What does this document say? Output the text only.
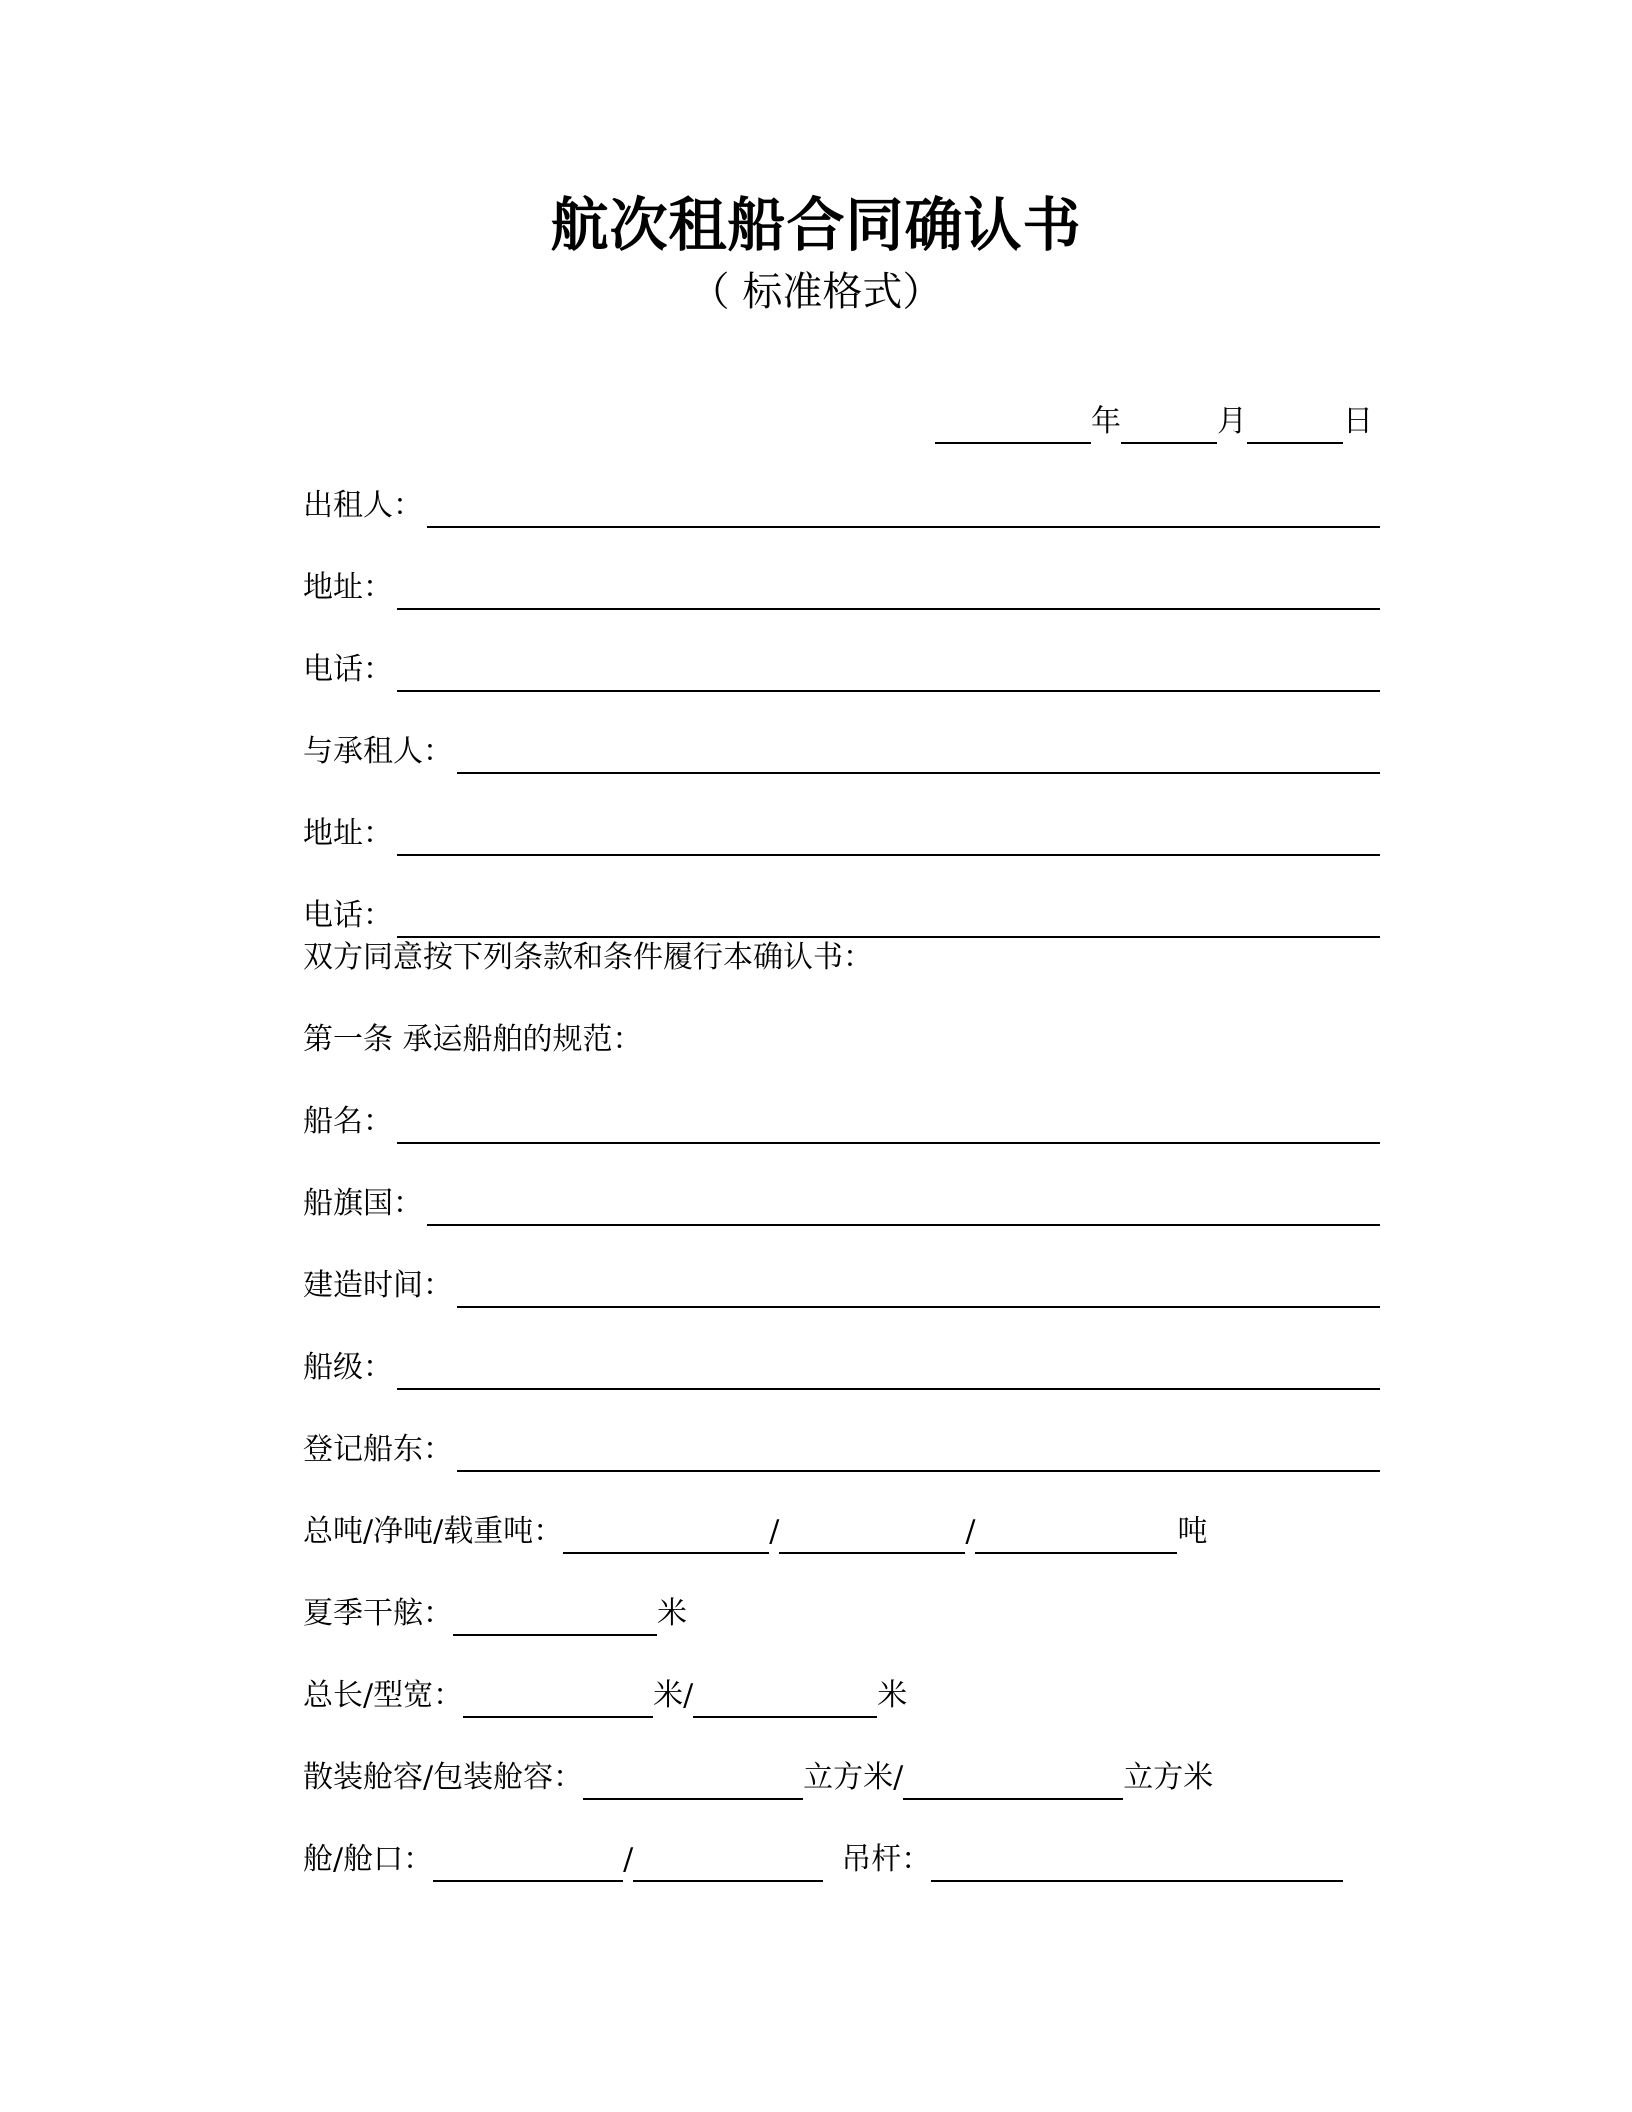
航次租船合同确认书
（ 标准格式）
年	月	日
出租人：
地址：
电话：
与承租人：
地址：
电话：
双方同意按下列条款和条件履行本确认书：
第一条 承运船舶的规范：
船名：
船旗国：
建造时间：
船级：
登记船东：
总吨/净吨/载重吨：	/	/	吨
夏季干舷：	米
总长/型宽：	米/	米
散装舱容/包装舱容：	立方米/	立方米
舱/舱口：	/	吊杆：
